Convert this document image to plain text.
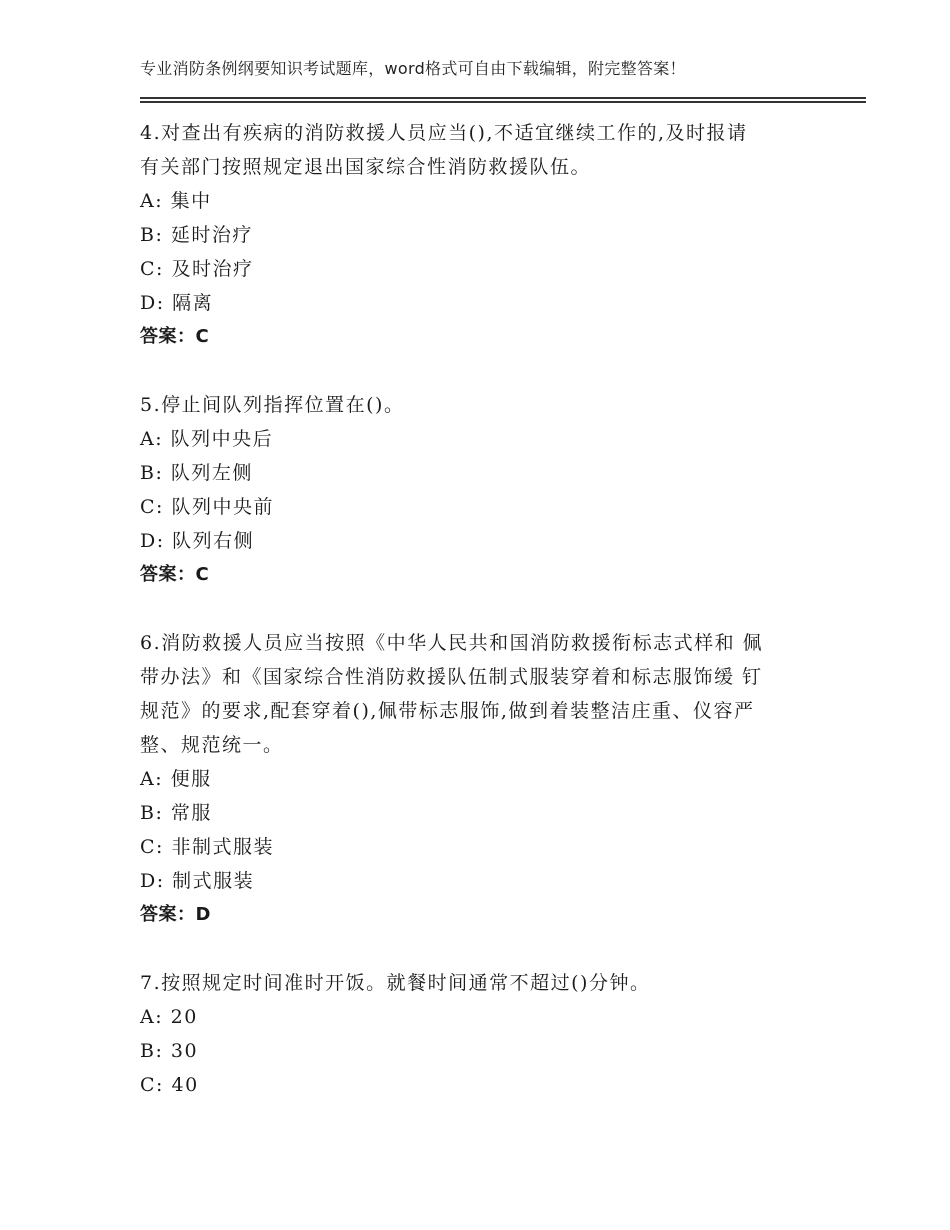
专业消防条例纲要知识考试题库，word格式可自由下载编辑，附完整答案！
4.对查出有疾病的消防救援人员应当(),不适宜继续工作的,及时报请
有关部门按照规定退出国家综合性消防救援队伍。
A: 集中
B: 延时治疗
C: 及时治疗
D: 隔离
答案：C
5.停止间队列指挥位置在()。
A: 队列中央后
B: 队列左侧
C: 队列中央前
D: 队列右侧
答案：C
6.消防救援人员应当按照《中华人民共和国消防救援衔标志式样和 佩
带办法》和《国家综合性消防救援队伍制式服装穿着和标志服饰缓 钉
规范》的要求,配套穿着(),佩带标志服饰,做到着装整洁庄重、仪容严
整、规范统一。
A: 便服
B: 常服
C: 非制式服装
D: 制式服装
答案：D
7.按照规定时间准时开饭。就餐时间通常不超过()分钟。
A: 20
B: 30
C: 40
